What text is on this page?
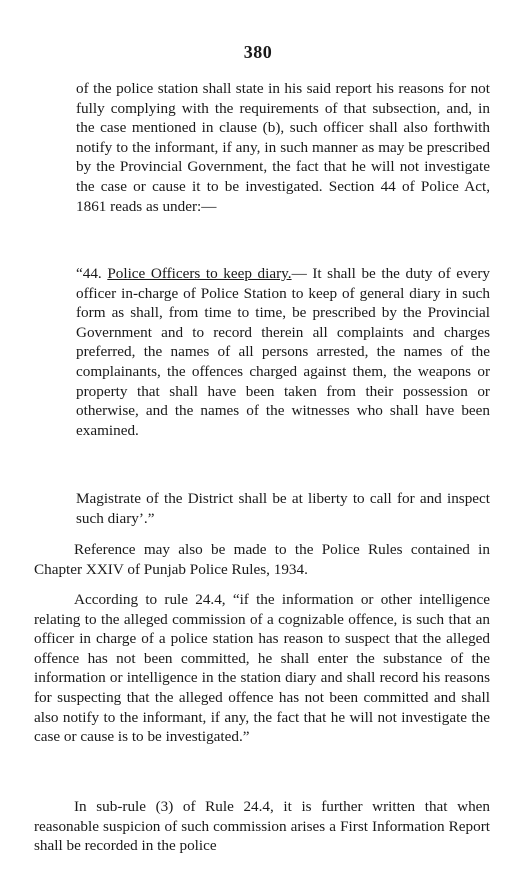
380

of the police station shall state in his said report his reasons for not fully complying with the requirements of that subsection, and, in the case mentioned in clause (b), such officer shall also forthwith notify to the informant, if any, in such manner as may be prescribed by the Provincial Government, the fact that he will not investigate the case or cause it to be investigated. Section 44 of Police Act, 1861 reads as under:—

“44. Police Officers to keep diary.— It shall be the duty of every officer in-charge of Police Station to keep of general diary in such form as shall, from time to time, be prescribed by the Provincial Government and to record therein all complaints and charges preferred, the names of all persons arrested, the names of the complainants, the offences charged against them, the weapons or property that shall have been taken from their possession or otherwise, and the names of the witnesses who shall have been examined.

Magistrate of the District shall be at liberty to call for and inspect such diary’.”

Reference may also be made to the Police Rules contained in Chapter XXIV of Punjab Police Rules, 1934.

According to rule 24.4, “if the information or other intelligence relating to the alleged commission of a cognizable offence, is such that an officer in charge of a police station has reason to suspect that the alleged offence has not been committed, he shall enter the substance of the information or intelligence in the station diary and shall record his reasons for suspecting that the alleged offence has not been committed and shall also notify to the informant, if any, the fact that he will not investigate the case or cause is to be investigated.”

In sub-rule (3) of Rule 24.4, it is further written that when reasonable suspicion of such commission arises a First Information Report shall be recorded in the police
